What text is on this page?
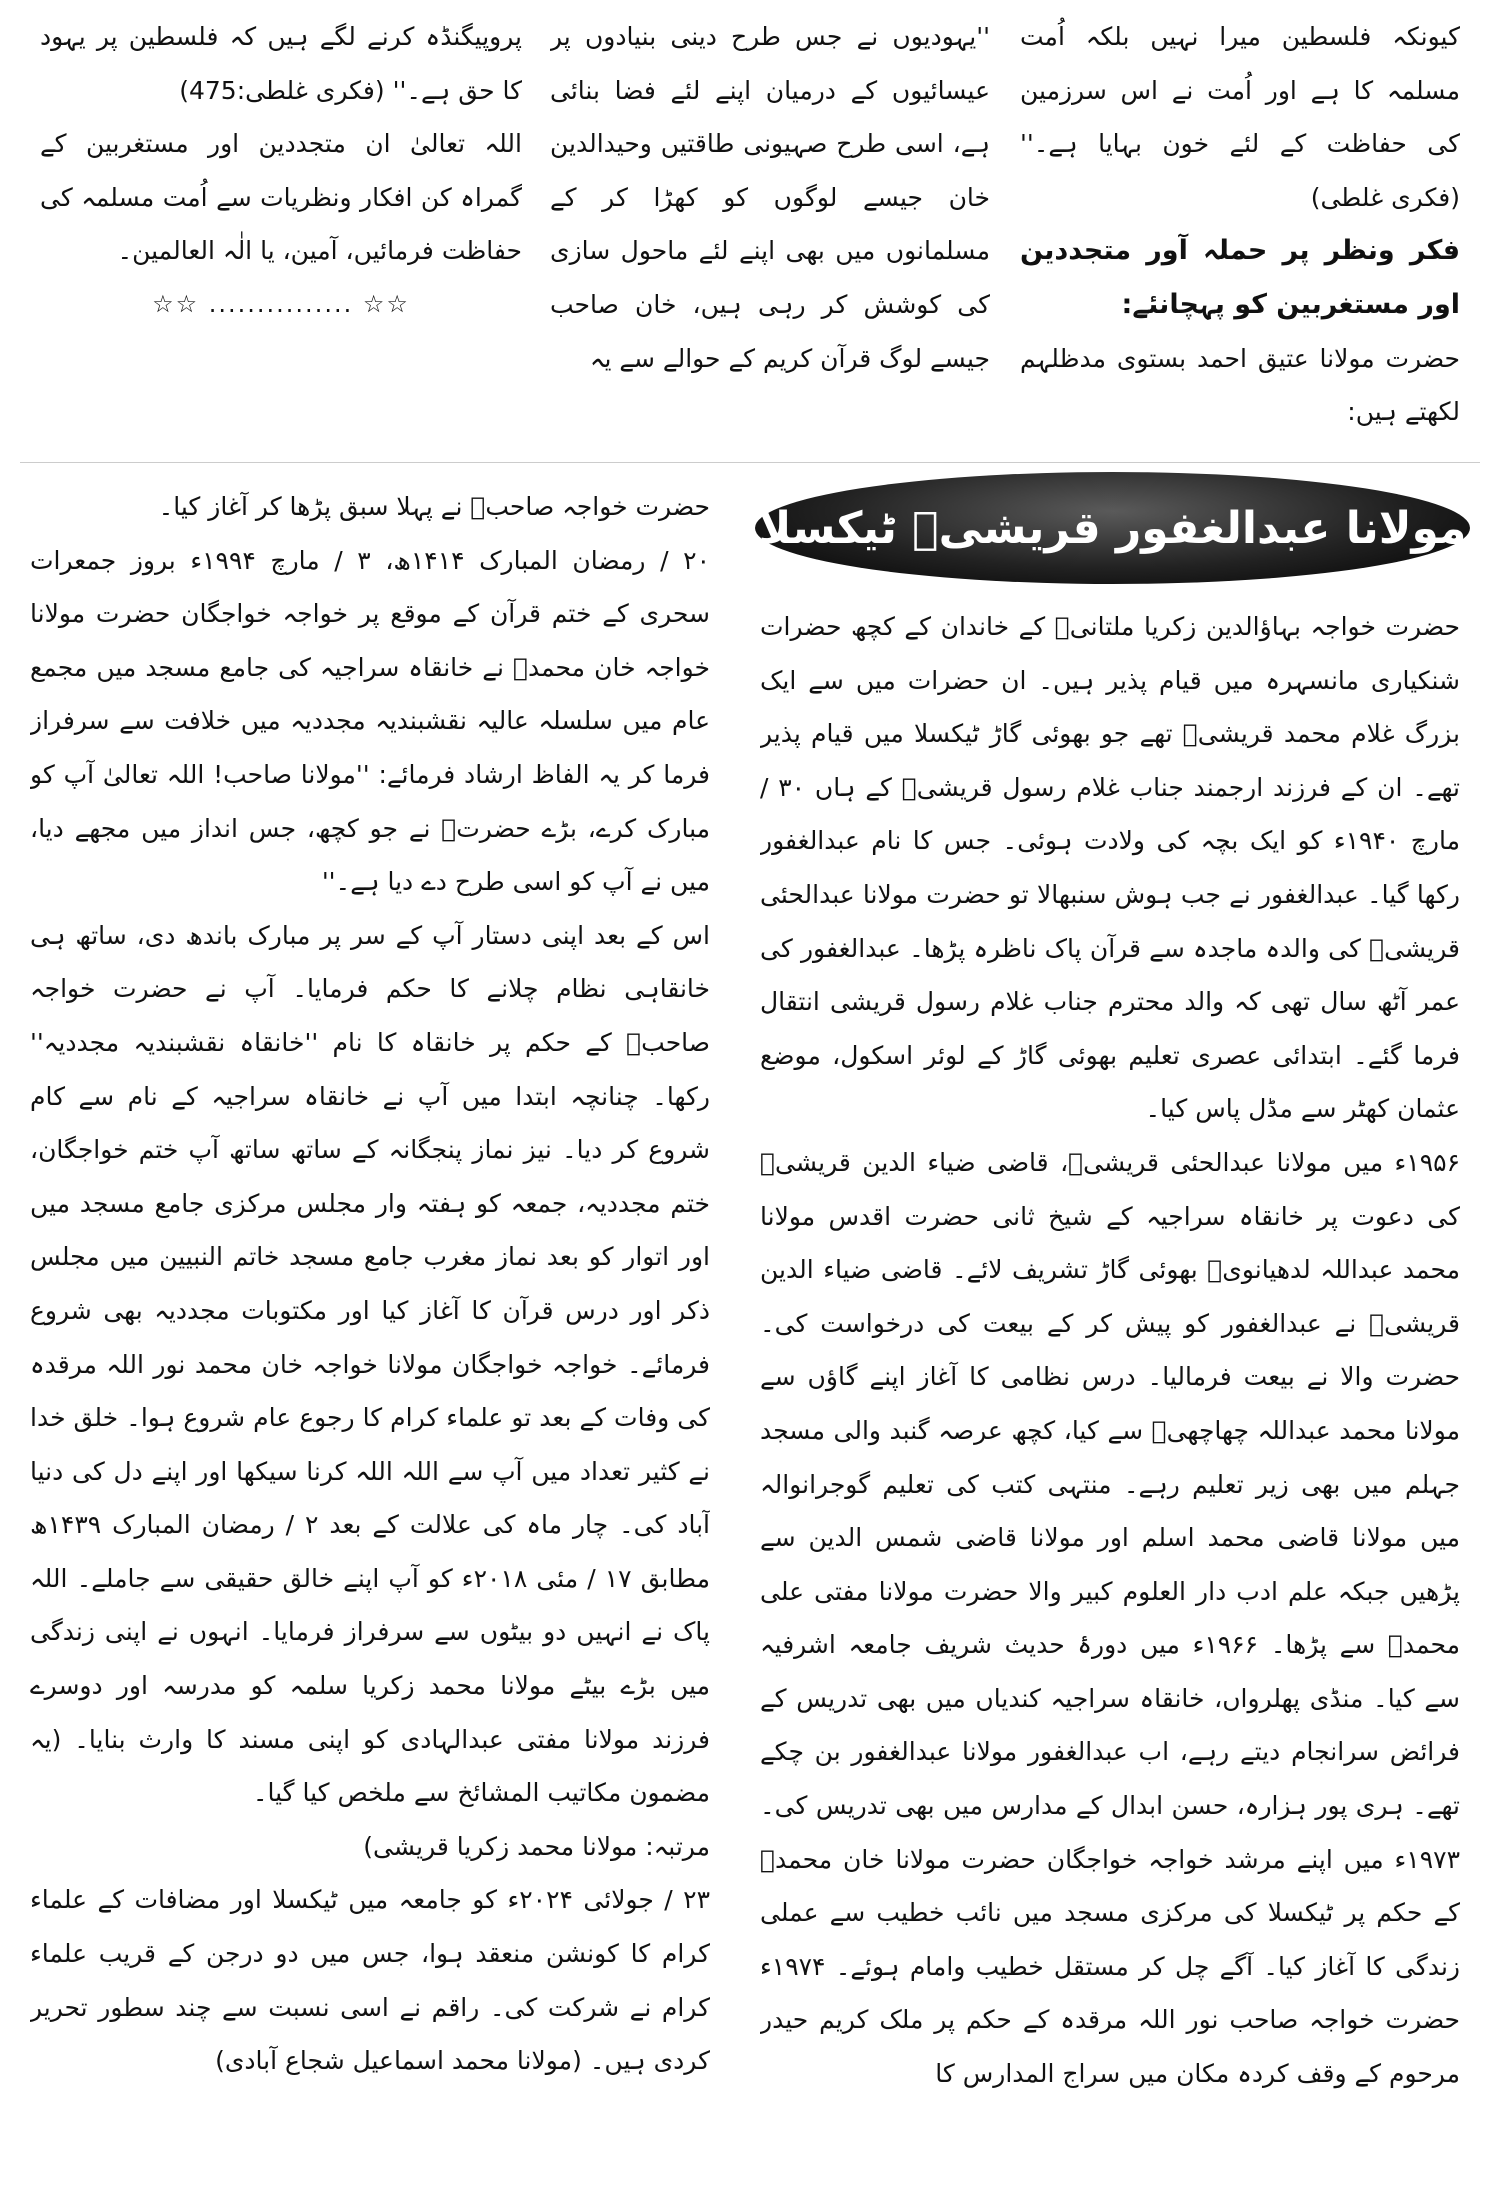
کیونکہ فلسطین میرا نہیں بلکہ اُمت مسلمہ کا ہے اور اُمت نے اس سرزمین کی حفاظت کے لئے خون بہایا ہے۔'' (فکری غلطی)

فکر ونظر پر حملہ آور متجددین اور مستغربین کو پہچانئے:

حضرت مولانا عتیق احمد بستوی مدظلہم لکھتے ہیں:

''یہودیوں نے جس طرح دینی بنیادوں پر عیسائیوں کے درمیان اپنے لئے فضا بنائی ہے، اسی طرح صہیونی طاقتیں وحیدالدین خان جیسے لوگوں کو کھڑا کر کے مسلمانوں میں بھی اپنے لئے ماحول سازی کی کوشش کر رہی ہیں، خان صاحب جیسے لوگ قرآن کریم کے حوالے سے یہ

پروپیگنڈہ کرنے لگے ہیں کہ فلسطین پر یہود کا حق ہے۔'' (فکری غلطی:475)

اللہ تعالیٰ ان متجددین اور مستغربین کے گمراہ کن افکار ونظریات سے اُمت مسلمہ کی حفاظت فرمائیں، آمین، یا الٰہ العالمین۔

☆☆ ............... ☆☆

مولانا عبدالغفور قریشیؒ ٹیکسلا

حضرت خواجہ بہاؤالدین زکریا ملتانیؒ کے خاندان کے کچھ حضرات شنکیاری مانسہرہ میں قیام پذیر ہیں۔ ان حضرات میں سے ایک بزرگ غلام محمد قریشیؒ تھے جو بھوئی گاڑ ٹیکسلا میں قیام پذیر تھے۔ ان کے فرزند ارجمند جناب غلام رسول قریشیؒ کے ہاں ۳۰ / مارچ ۱۹۴۰ء کو ایک بچہ کی ولادت ہوئی۔ جس کا نام عبدالغفور رکھا گیا۔ عبدالغفور نے جب ہوش سنبھالا تو حضرت مولانا عبدالحئی قریشیؒ کی والدہ ماجدہ سے قرآن پاک ناظرہ پڑھا۔ عبدالغفور کی عمر آٹھ سال تھی کہ والد محترم جناب غلام رسول قریشی انتقال فرما گئے۔ ابتدائی عصری تعلیم بھوئی گاڑ کے لوئر اسکول، موضع عثمان کھٹر سے مڈل پاس کیا۔

۱۹۵۶ء میں مولانا عبدالحئی قریشیؒ، قاضی ضیاء الدین قریشیؒ کی دعوت پر خانقاہ سراجیہ کے شیخ ثانی حضرت اقدس مولانا محمد عبداللہ لدھیانویؒ بھوئی گاڑ تشریف لائے۔ قاضی ضیاء الدین قریشیؒ نے عبدالغفور کو پیش کر کے بیعت کی درخواست کی۔ حضرت والا نے بیعت فرمالیا۔ درس نظامی کا آغاز اپنے گاؤں سے مولانا محمد عبداللہ چھاچھیؒ سے کیا، کچھ عرصہ گنبد والی مسجد جہلم میں بھی زیر تعلیم رہے۔ منتہی کتب کی تعلیم گوجرانوالہ میں مولانا قاضی محمد اسلم اور مولانا قاضی شمس الدین سے پڑھیں جبکہ علم ادب دار العلوم کبیر والا حضرت مولانا مفتی علی محمدؒ سے پڑھا۔ ۱۹۶۶ء میں دورۂ حدیث شریف جامعہ اشرفیہ سے کیا۔ منڈی پھلرواں، خانقاہ سراجیہ کندیاں میں بھی تدریس کے فرائض سرانجام دیتے رہے، اب عبدالغفور مولانا عبدالغفور بن چکے تھے۔ ہری پور ہزارہ، حسن ابدال کے مدارس میں بھی تدریس کی۔ ۱۹۷۳ء میں اپنے مرشد خواجہ خواجگان حضرت مولانا خان محمدؒ کے حکم پر ٹیکسلا کی مرکزی مسجد میں نائب خطیب سے عملی زندگی کا آغاز کیا۔ آگے چل کر مستقل خطیب وامام ہوئے۔ ۱۹۷۴ء حضرت خواجہ صاحب نور اللہ مرقدہ کے حکم پر ملک کریم حیدر مرحوم کے وقف کردہ مکان میں سراج المدارس کا

حضرت خواجہ صاحبؒ نے پہلا سبق پڑھا کر آغاز کیا۔

۲۰ / رمضان المبارک ۱۴۱۴ھ، ۳ / مارچ ۱۹۹۴ء بروز جمعرات سحری کے ختم قرآن کے موقع پر خواجہ خواجگان حضرت مولانا خواجہ خان محمدؒ نے خانقاہ سراجیہ کی جامع مسجد میں مجمع عام میں سلسلہ عالیہ نقشبندیہ مجددیہ میں خلافت سے سرفراز فرما کر یہ الفاظ ارشاد فرمائے: ''مولانا صاحب! اللہ تعالیٰ آپ کو مبارک کرے، بڑے حضرتؒ نے جو کچھ، جس انداز میں مجھے دیا، میں نے آپ کو اسی طرح دے دیا ہے۔''

اس کے بعد اپنی دستار آپ کے سر پر مبارک باندھ دی، ساتھ ہی خانقاہی نظام چلانے کا حکم فرمایا۔ آپ نے حضرت خواجہ صاحبؒ کے حکم پر خانقاہ کا نام ''خانقاہ نقشبندیہ مجددیہ'' رکھا۔ چنانچہ ابتدا میں آپ نے خانقاہ سراجیہ کے نام سے کام شروع کر دیا۔ نیز نماز پنجگانہ کے ساتھ ساتھ آپ ختم خواجگان، ختم مجددیہ، جمعہ کو ہفتہ وار مجلس مرکزی جامع مسجد میں اور اتوار کو بعد نماز مغرب جامع مسجد خاتم النبیین میں مجلس ذکر اور درس قرآن کا آغاز کیا اور مکتوبات مجددیہ بھی شروع فرمائے۔ خواجہ خواجگان مولانا خواجہ خان محمد نور اللہ مرقدہ کی وفات کے بعد تو علماء کرام کا رجوع عام شروع ہوا۔ خلق خدا نے کثیر تعداد میں آپ سے اللہ اللہ کرنا سیکھا اور اپنے دل کی دنیا آباد کی۔ چار ماہ کی علالت کے بعد ۲ / رمضان المبارک ۱۴۳۹ھ مطابق ۱۷ / مئی ۲۰۱۸ء کو آپ اپنے خالق حقیقی سے جاملے۔ اللہ پاک نے انہیں دو بیٹوں سے سرفراز فرمایا۔ انہوں نے اپنی زندگی میں بڑے بیٹے مولانا محمد زکریا سلمہ کو مدرسہ اور دوسرے فرزند مولانا مفتی عبدالہادی کو اپنی مسند کا وارث بنایا۔ (یہ مضمون مکاتیب المشائخ سے ملخص کیا گیا۔

مرتبہ: مولانا محمد زکریا قریشی)

۲۳ / جولائی ۲۰۲۴ء کو جامعہ میں ٹیکسلا اور مضافات کے علماء کرام کا کونشن منعقد ہوا، جس میں دو درجن کے قریب علماء کرام نے شرکت کی۔ راقم نے اسی نسبت سے چند سطور تحریر کردی ہیں۔ (مولانا محمد اسماعیل شجاع آبادی)
